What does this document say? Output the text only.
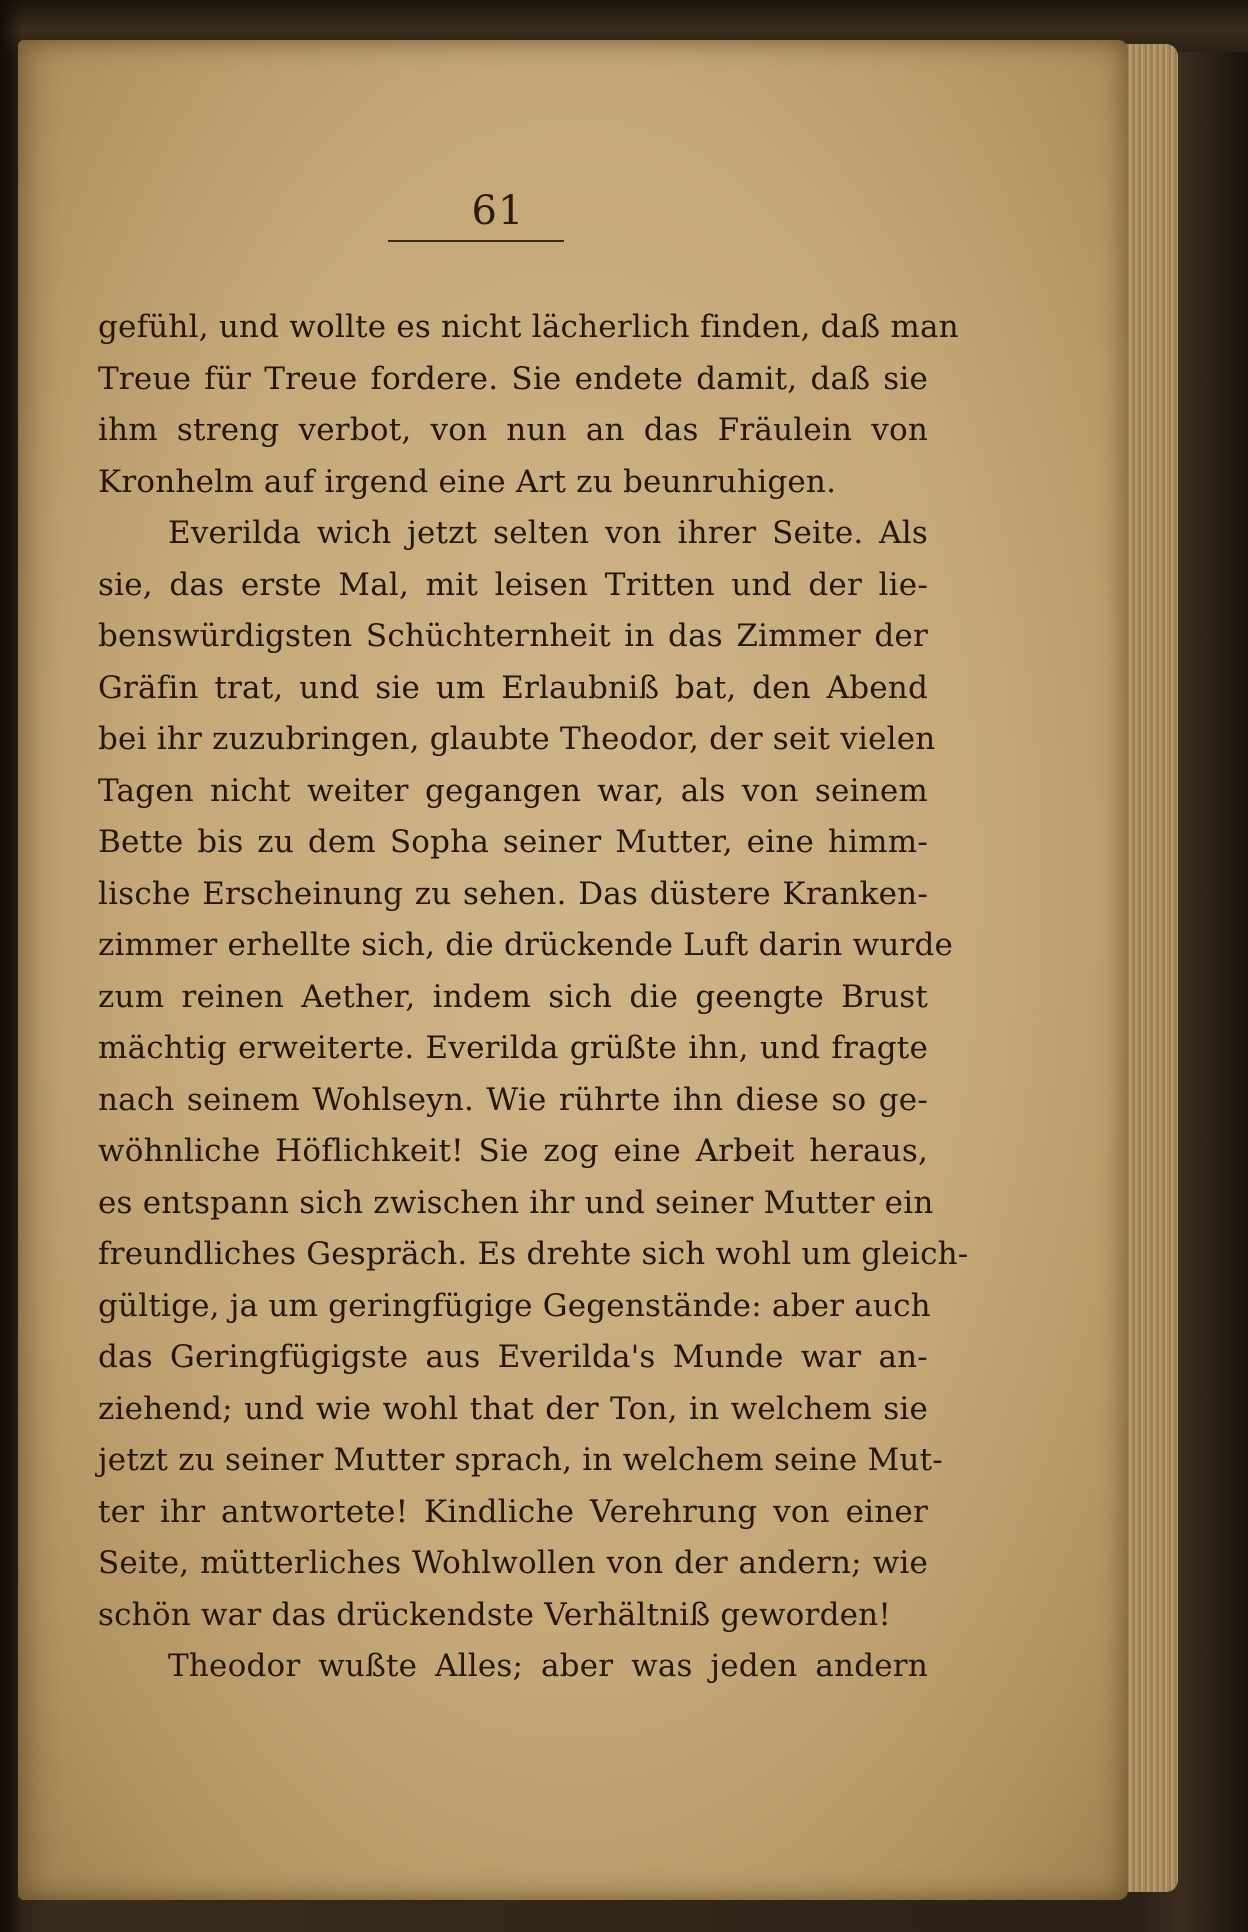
61
gefühl, und wollte es nicht lächerlich finden, daß man
Treue für Treue fordere. Sie endete damit, daß sie
ihm streng verbot, von nun an das Fräulein von
Kronhelm auf irgend eine Art zu beunruhigen.
Everilda wich jetzt selten von ihrer Seite. Als
sie, das erste Mal, mit leisen Tritten und der lie-
benswürdigsten Schüchternheit in das Zimmer der
Gräfin trat, und sie um Erlaubniß bat, den Abend
bei ihr zuzubringen, glaubte Theodor, der seit vielen
Tagen nicht weiter gegangen war, als von seinem
Bette bis zu dem Sopha seiner Mutter, eine himm-
lische Erscheinung zu sehen. Das düstere Kranken-
zimmer erhellte sich, die drückende Luft darin wurde
zum reinen Aether, indem sich die geengte Brust
mächtig erweiterte. Everilda grüßte ihn, und fragte
nach seinem Wohlseyn. Wie rührte ihn diese so ge-
wöhnliche Höflichkeit! Sie zog eine Arbeit heraus,
es entspann sich zwischen ihr und seiner Mutter ein
freundliches Gespräch. Es drehte sich wohl um gleich-
gültige, ja um geringfügige Gegenstände: aber auch
das Geringfügigste aus Everilda's Munde war an-
ziehend; und wie wohl that der Ton, in welchem sie
jetzt zu seiner Mutter sprach, in welchem seine Mut-
ter ihr antwortete! Kindliche Verehrung von einer
Seite, mütterliches Wohlwollen von der andern; wie
schön war das drückendste Verhältniß geworden!
Theodor wußte Alles; aber was jeden andern
